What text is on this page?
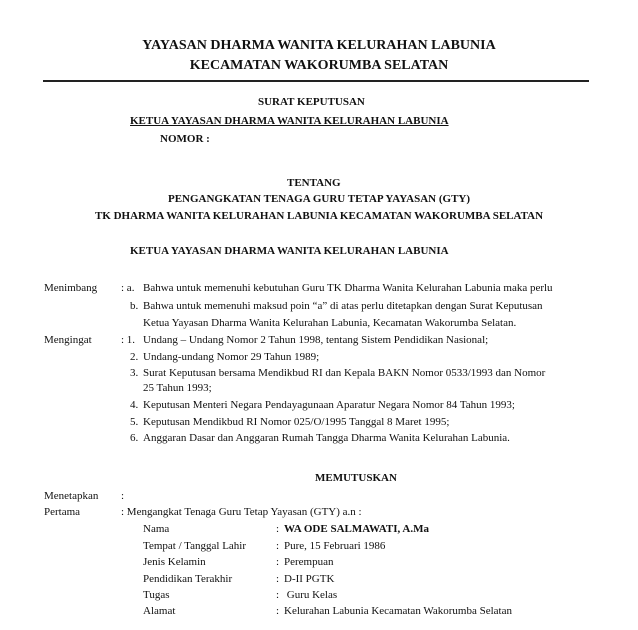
YAYASAN DHARMA WANITA KELURAHAN LABUNIA
KECAMATAN WAKORUMBA SELATAN
SURAT KEPUTUSAN
KETUA YAYASAN DHARMA WANITA KELURAHAN LABUNIA
NOMOR :
TENTANG
PENGANGKATAN TENAGA GURU TETAP YAYASAN (GTY)
TK DHARMA WANITA KELURAHAN LABUNIA KECAMATAN WAKORUMBA SELATAN
KETUA YAYASAN DHARMA WANITA KELURAHAN LABUNIA
Menimbang : a. Bahwa untuk memenuhi kebutuhan Guru TK Dharma Wanita Kelurahan Labunia maka perlu
b. Bahwa untuk memenuhi maksud poin “a” di atas perlu ditetapkan dengan Surat Keputusan
Ketua Yayasan Dharma Wanita Kelurahan Labunia, Kecamatan Wakorumba Selatan.
Mengingat	: 1. Undang – Undang Nomor 2 Tahun 1998, tentang Sistem Pendidikan Nasional;
2. Undang-undang Nomor 29 Tahun 1989;
3. Surat Keputusan bersama Mendikbud RI dan Kepala BAKN Nomor 0533/1993 dan Nomor
25 Tahun 1993;
4. Keputusan Menteri Negara Pendayagunaan Aparatur Negara Nomor 84 Tahun 1993;
5. Keputusan Mendikbud RI Nomor 025/O/1995 Tanggal 8 Maret 1995;
6. Anggaran Dasar dan Anggaran Rumah Tangga Dharma Wanita Kelurahan Labunia.
MEMUTUSKAN
Menetapkan :
Pertama	: Mengangkat Tenaga Guru Tetap Yayasan (GTY) a.n :
Nama	: WA ODE SALMAWATI, A.Ma
Tempat / Tanggal Lahir	: Pure, 15 Februari 1986
Jenis Kelamin	: Perempuan
Pendidikan Terakhir	: D-II PGTK
Tugas	: Guru Kelas
Alamat	: Kelurahan Labunia Kecamatan Wakorumba Selatan
